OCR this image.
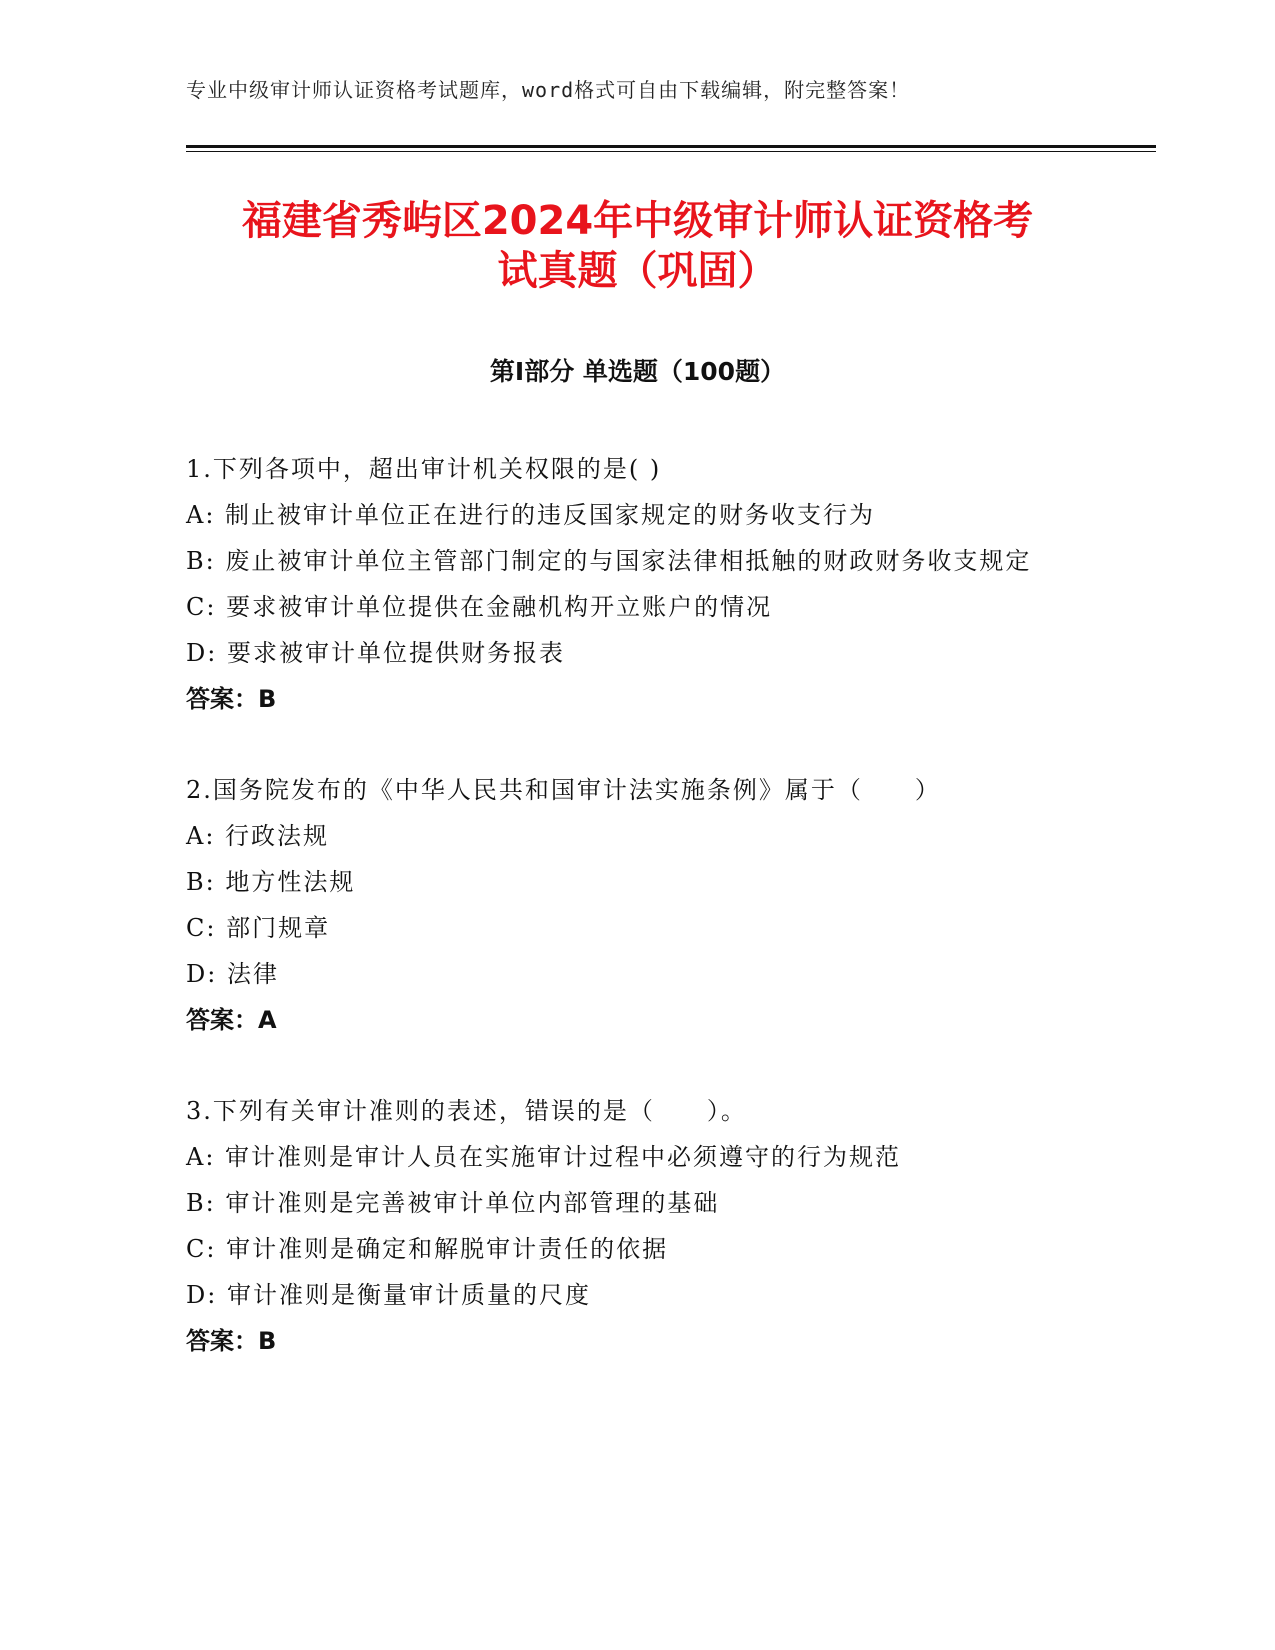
专业中级审计师认证资格考试题库，word格式可自由下载编辑，附完整答案！
福建省秀屿区2024年中级审计师认证资格考
试真题（巩固）
第Ⅰ部分 单选题（100题）
1.下列各项中，超出审计机关权限的是( )
A: 制止被审计单位正在进行的违反国家规定的财务收支行为
B: 废止被审计单位主管部门制定的与国家法律相抵触的财政财务收支规定
C: 要求被审计单位提供在金融机构开立账户的情况
D: 要求被审计单位提供财务报表
答案：B
2.国务院发布的《中华人民共和国审计法实施条例》属于（　　）
A: 行政法规
B: 地方性法规
C: 部门规章
D: 法律
答案：A
3.下列有关审计准则的表述，错误的是（　　）。
A: 审计准则是审计人员在实施审计过程中必须遵守的行为规范
B: 审计准则是完善被审计单位内部管理的基础
C: 审计准则是确定和解脱审计责任的依据
D: 审计准则是衡量审计质量的尺度
答案：B
